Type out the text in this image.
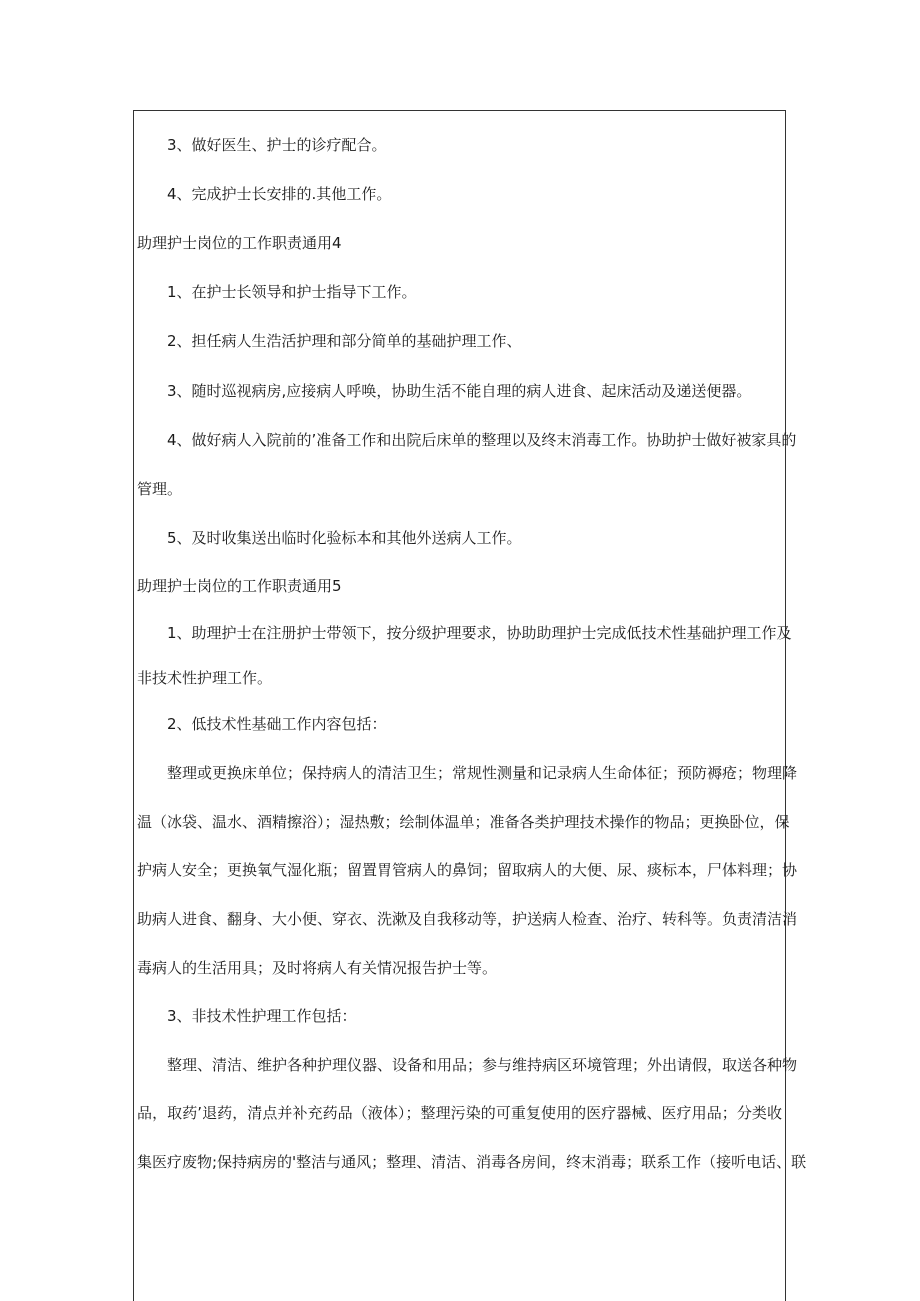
3、做好医生、护士的诊疗配合。
4、完成护士长安排的.其他工作。
助理护士岗位的工作职责通用4
1、在护士长领导和护士指导下工作。
2、担任病人生浩活护理和部分简单的基础护理工作、
3、随时巡视病房,应接病人呼唤，协助生活不能自理的病人进食、起床活动及递送便器。
4、做好病人入院前的’准备工作和出院后床单的整理以及终末消毒工作。协助护士做好被家具的
管理。
5、及时收集送出临时化验标本和其他外送病人工作。
助理护士岗位的工作职责通用5
1、助理护士在注册护士带领下，按分级护理要求，协助助理护士完成低技术性基础护理工作及
非技术性护理工作。
2、低技术性基础工作内容包括：
整理或更换床单位；保持病人的清洁卫生；常规性测量和记录病人生命体征；预防褥疮；物理降
温（冰袋、温水、酒精擦浴）；湿热敷；绘制体温单；准备各类护理技术操作的物品；更换卧位，保
护病人安全；更换氧气湿化瓶；留置胃管病人的鼻饲；留取病人的大便、尿、痰标本，尸体料理；协
助病人进食、翻身、大小便、穿衣、洗漱及自我移动等，护送病人检查、治疗、转科等。负责清洁消
毒病人的生活用具；及时将病人有关情况报告护士等。
3、非技术性护理工作包括：
整理、清洁、维护各种护理仪器、设备和用品；参与维持病区环境管理；外出请假，取送各种物
品，取药’退药，清点并补充药品（液体）；整理污染的可重复使用的医疗器械、医疗用品；分类收
集医疗废物;保持病房的'整洁与通风；整理、清洁、消毒各房间，终末消毒；联系工作（接听电话、联
